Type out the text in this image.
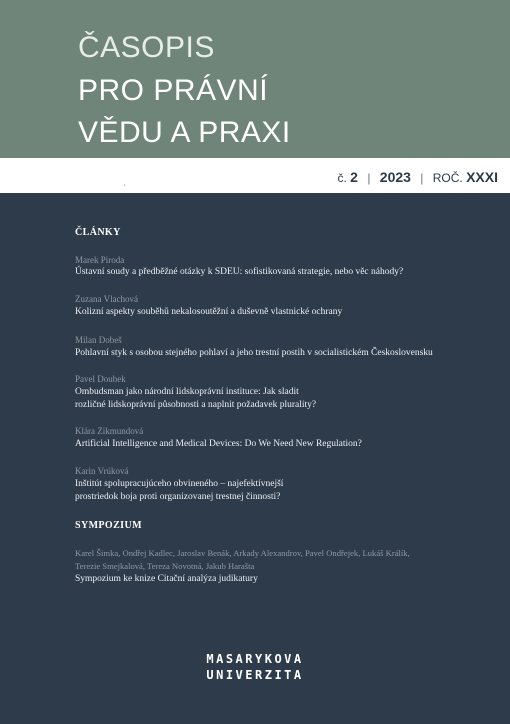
ČASOPIS
PRO PRÁVNÍ
VĚDU A PRAXI
'
č. 2 | 2023 | ROČ. XXXI
ČLÁNKY
Marek Piroda
Ústavní soudy a předběžné otázky k SDEU: sofistikovaná strategie, nebo věc náhody?
Zuzana Vlachová
Kolizní aspekty souběhů nekalosoutěžní a duševně vlastnické ochrany
Milan Dobeš
Pohlavní styk s osobou stejného pohlaví a jeho trestní postih v socialistickém Československu
Pavel Doubek
Ombudsman jako národní lidskoprávní instituce: Jak sladit rozličné lidskoprávní působnosti a naplnit požadavek plurality?
Klára Zikmundová
Artificial Intelligence and Medical Devices: Do We Need New Regulation?
Karin Vrúková
Inštitút spolupracujúceho obvineného – najefektívnejší prostriedok boja proti organizovanej trestnej činnosti?
SYMPOZIUM
Karel Šimka, Ondřej Kadlec, Jaroslav Benák, Arkady Alexandrov, Pavel Ondřejek, Lukáš Králík,
Terezie Smejkalová, Tereza Novotná, Jakub Harašta
Sympozium ke knize Citační analýza judikatury
MASARYKOVA
UNIVERZITA
